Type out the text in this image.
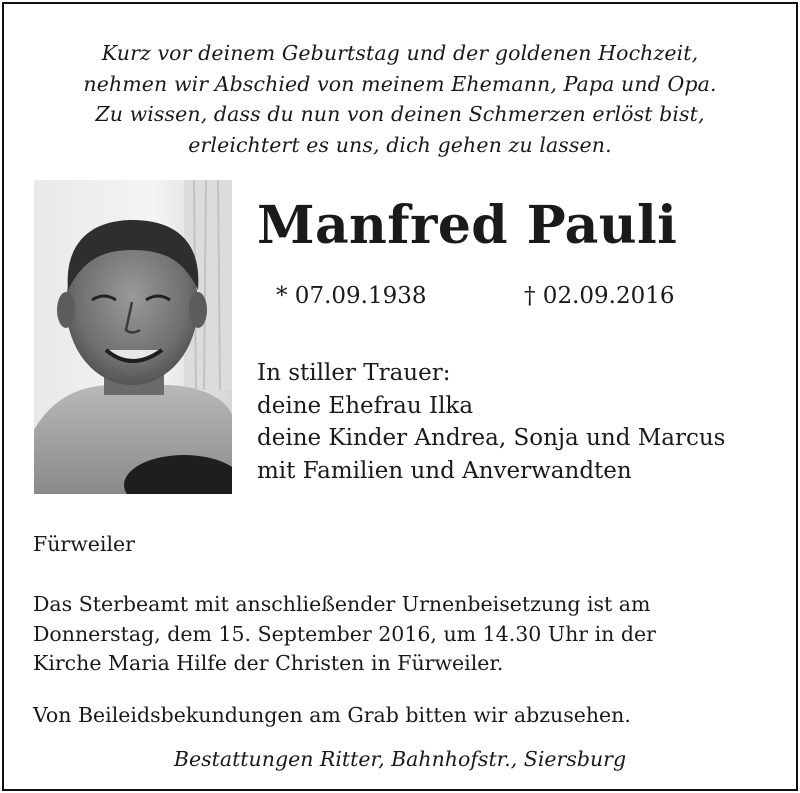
Kurz vor deinem Geburtstag und der goldenen Hochzeit,
nehmen wir Abschied von meinem Ehemann, Papa und Opa.
Zu wissen, dass du nun von deinen Schmerzen erlöst bist,
erleichtert es uns, dich gehen zu lassen.
Manfred Pauli
* 07.09.1938	† 02.09.2016
In stiller Trauer:
deine Ehefrau Ilka
deine Kinder Andrea, Sonja und Marcus
mit Familien und Anverwandten
Fürweiler
Das Sterbeamt mit anschließender Urnenbeisetzung ist am
Donnerstag, dem 15. September 2016, um 14.30 Uhr in der
Kirche Maria Hilfe der Christen in Fürweiler.
Von Beileidsbekundungen am Grab bitten wir abzusehen.
Bestattungen Ritter, Bahnhofstr., Siersburg
